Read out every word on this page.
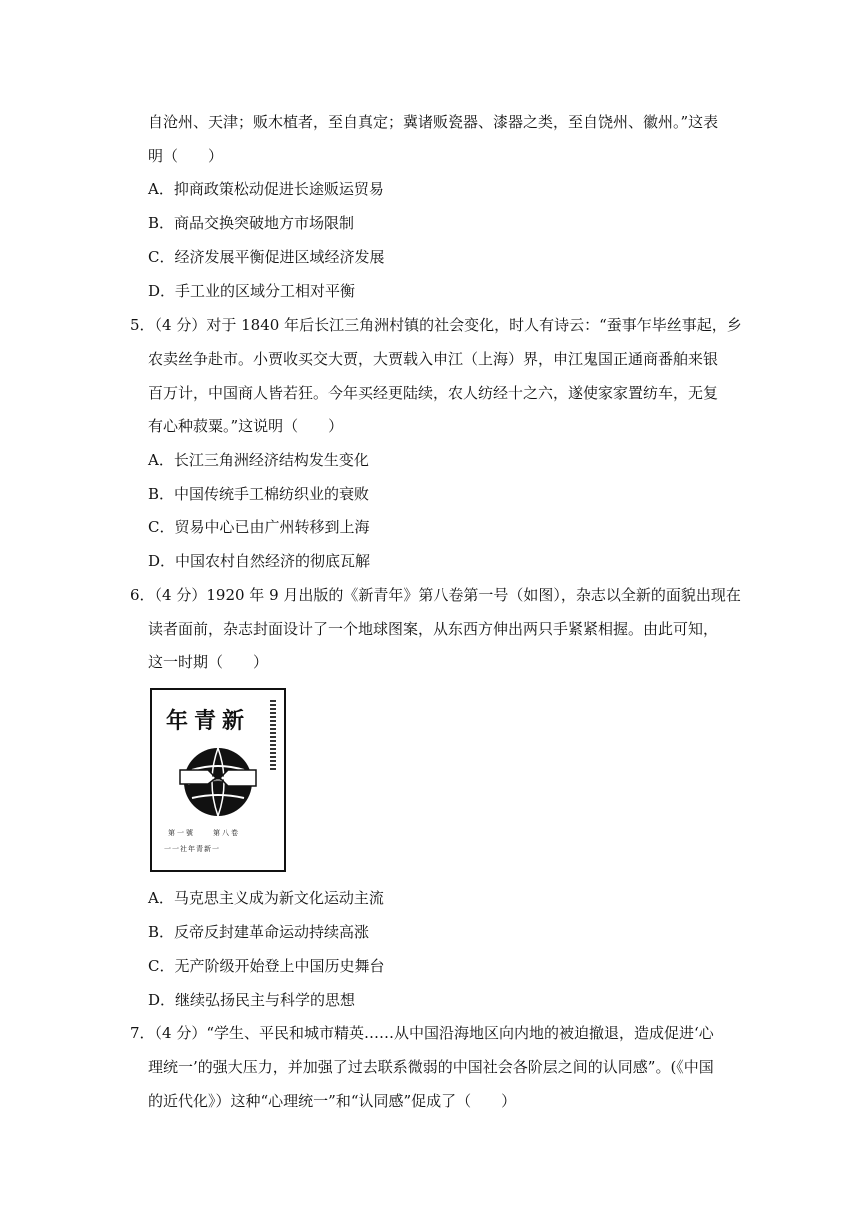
自沧州、天津；贩木植者，至自真定；冀诸贩瓷器、漆器之类，至自饶州、徽州。”这表
明（　　）
A．抑商政策松动促进长途贩运贸易
B．商品交换突破地方市场限制
C．经济发展平衡促进区域经济发展
D．手工业的区域分工相对平衡
5．（4 分）对于 1840 年后长江三角洲村镇的社会变化，时人有诗云：“蚕事乍毕丝事起，乡
农卖丝争赴市。小贾收买交大贾，大贾载入申江（上海）界，申江鬼国正通商番舶来银
百万计，中国商人皆若狂。今年买经更陆续，农人纺经十之六，遂使家家置纺车，无复
有心种菽粟。”这说明（　　）
A．长江三角洲经济结构发生变化
B．中国传统手工棉纺织业的衰败
C．贸易中心已由广州转移到上海
D．中国农村自然经济的彻底瓦解
6．（4 分）1920 年 9 月出版的《新青年》第八卷第一号（如图），杂志以全新的面貌出现在
读者面前，杂志封面设计了一个地球图案，从东西方伸出两只手紧紧相握。由此可知，
这一时期（　　）
年青新
第一號　　第八卷
一一社年青新一
A．马克思主义成为新文化运动主流
B．反帝反封建革命运动持续高涨
C．无产阶级开始登上中国历史舞台
D．继续弘扬民主与科学的思想
7．（4 分）“学生、平民和城市精英……从中国沿海地区向内地的被迫撤退，造成促进‘心
理统一’的强大压力，并加强了过去联系微弱的中国社会各阶层之间的认同感”。(《中国
的近代化》）这种“心理统一”和“认同感”促成了（　　）
